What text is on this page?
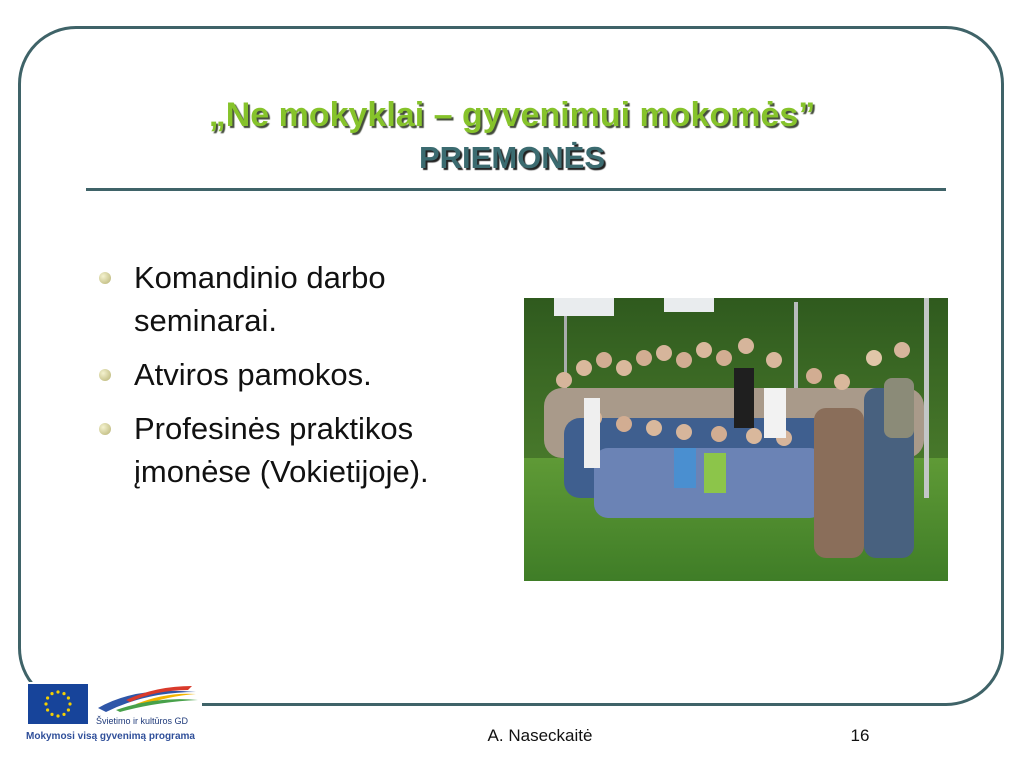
„Ne mokyklai – gyvenimui mokomės”
PRIEMONĖS
Komandinio darbo seminarai.
Atviros pamokos.
Profesinės praktikos įmonėse (Vokietijoje).
Švietimo ir kultūros GD
Mokymosi visą gyvenimą programa	A. Naseckaitė	16
